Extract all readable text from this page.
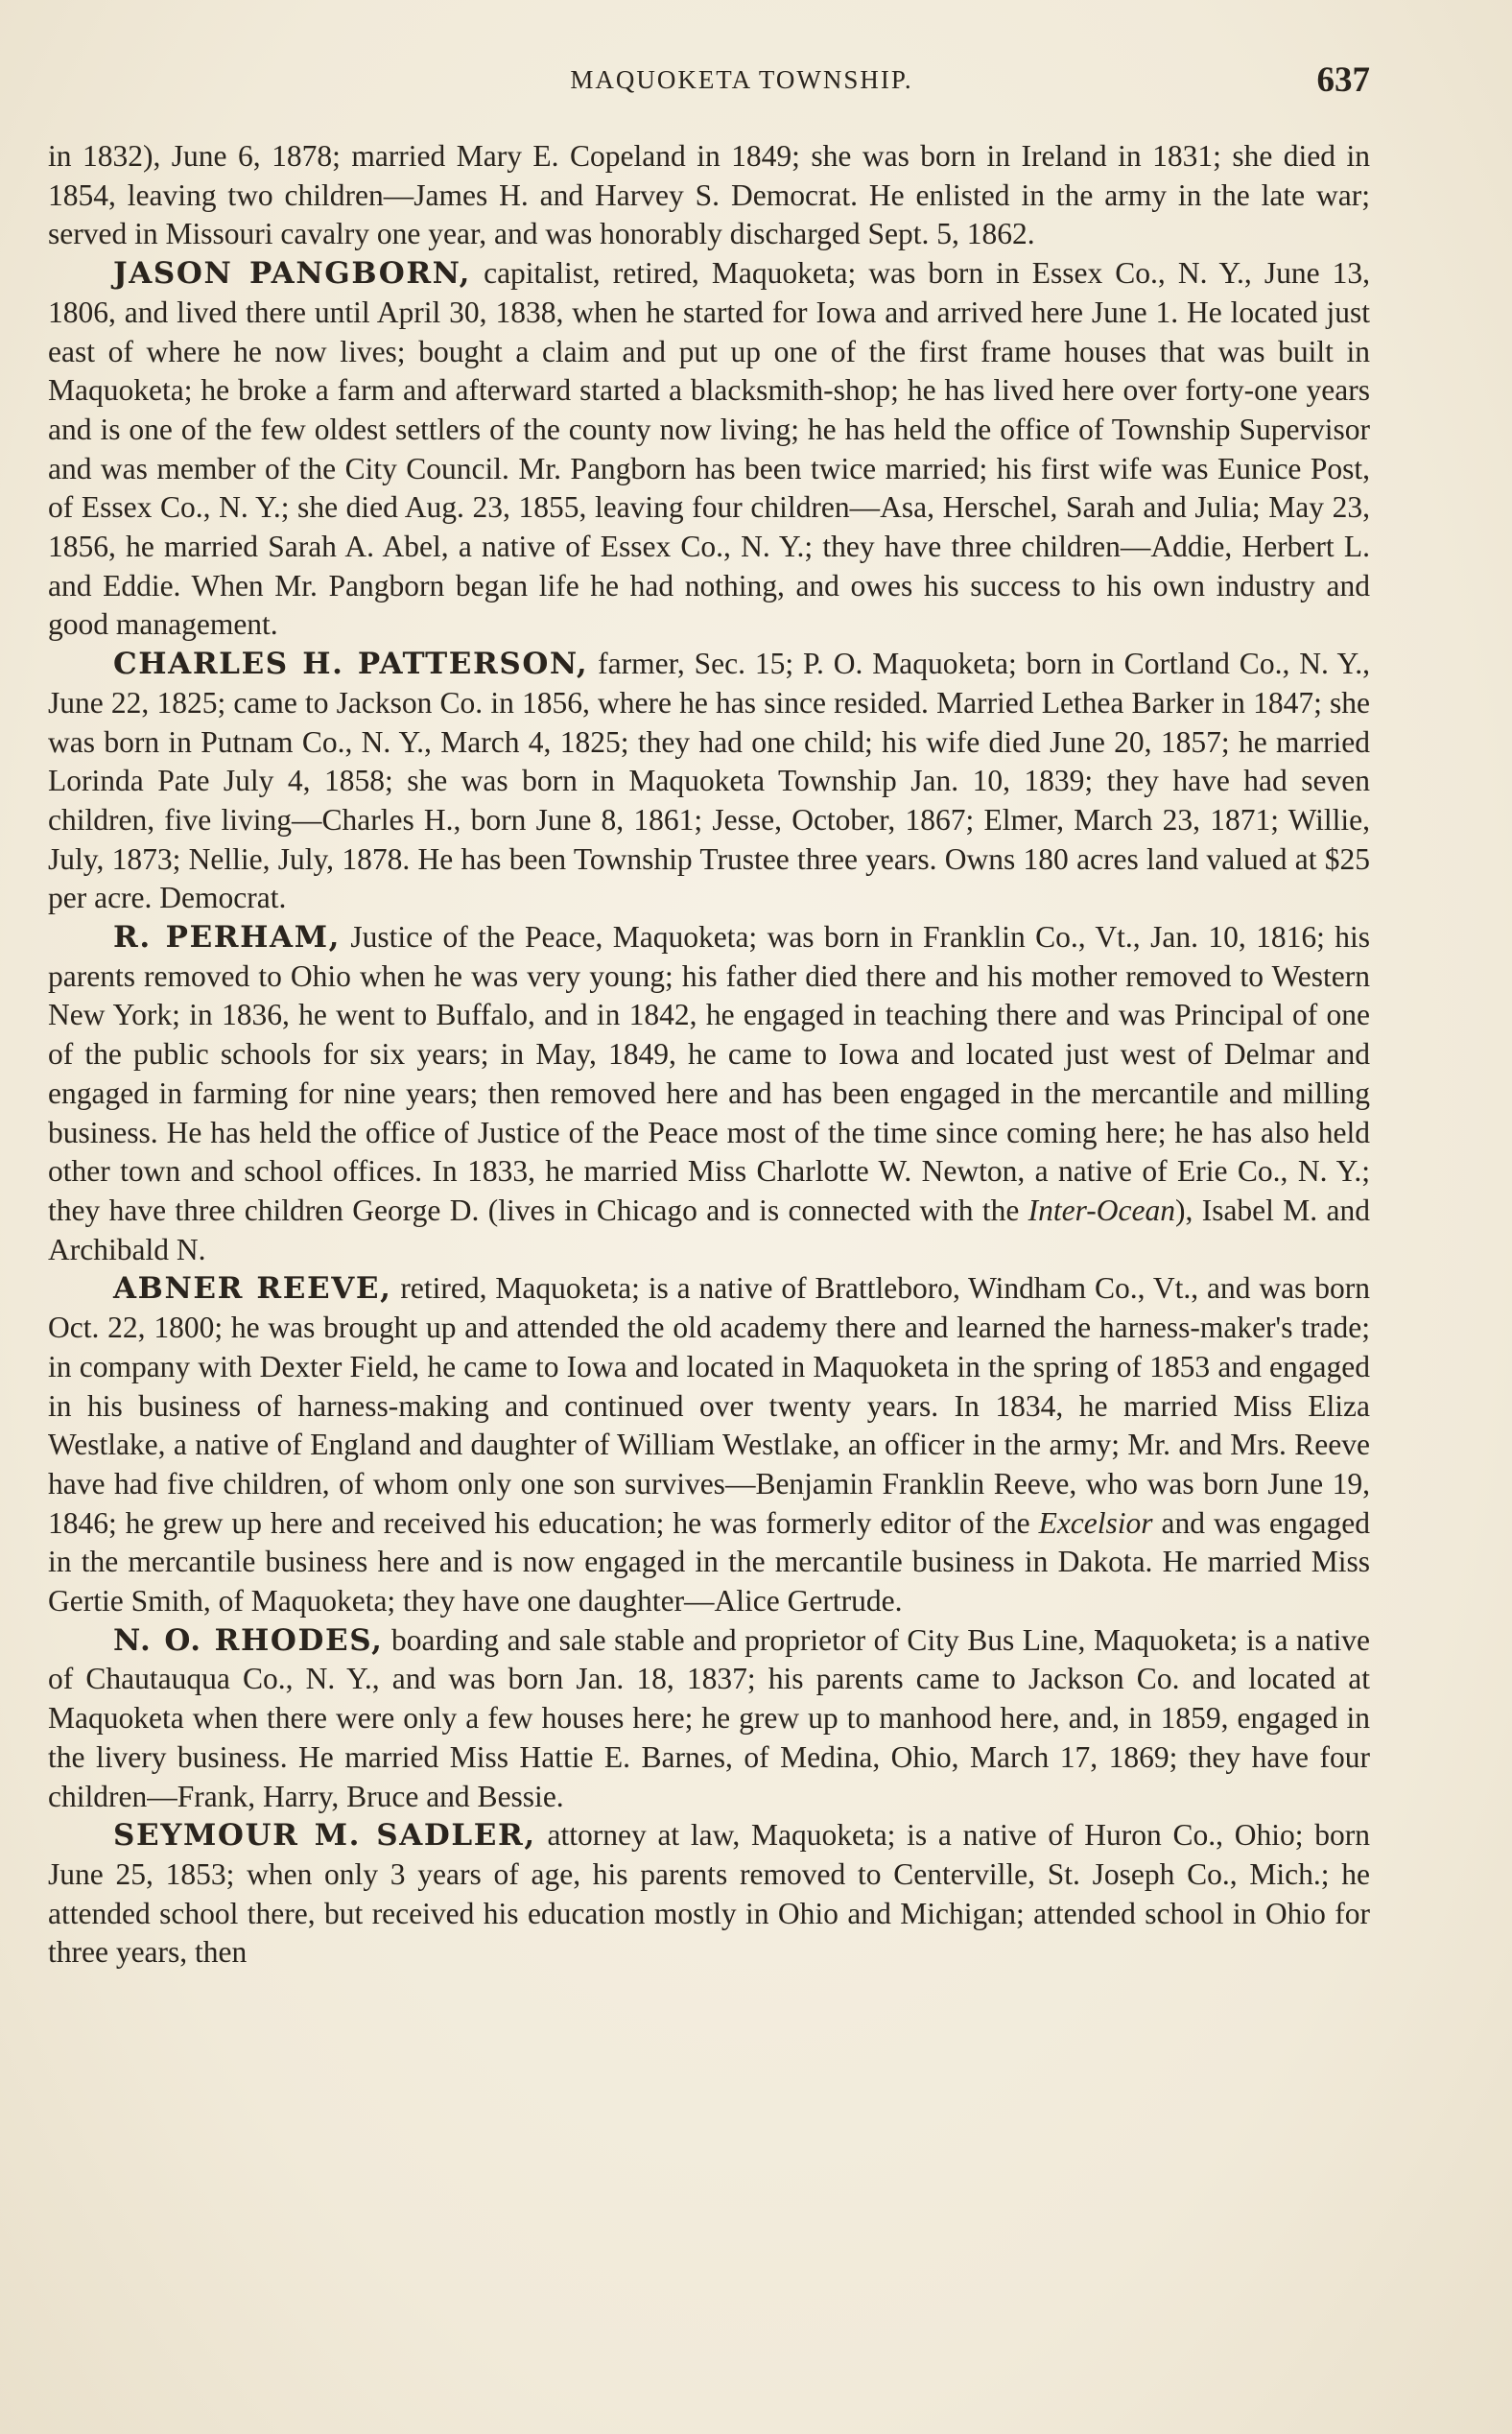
MAQUOKETA TOWNSHIP.	637

in 1832), June 6, 1878; married Mary E. Copeland in 1849; she was born in Ireland in 1831; she died in 1854, leaving two children—James H. and Harvey S. Democrat. He enlisted in the army in the late war; served in Missouri cavalry one year, and was honorably discharged Sept. 5, 1862.

JASON PANGBORN, capitalist, retired, Maquoketa; was born in Essex Co., N. Y., June 13, 1806, and lived there until April 30, 1838, when he started for Iowa and arrived here June 1. He located just east of where he now lives; bought a claim and put up one of the first frame houses that was built in Maquoketa; he broke a farm and afterward started a blacksmith-shop; he has lived here over forty-one years and is one of the few oldest settlers of the county now living; he has held the office of Township Supervisor and was member of the City Council. Mr. Pangborn has been twice married; his first wife was Eunice Post, of Essex Co., N. Y.; she died Aug. 23, 1855, leaving four children—Asa, Herschel, Sarah and Julia; May 23, 1856, he married Sarah A. Abel, a native of Essex Co., N. Y.; they have three children—Addie, Herbert L. and Eddie. When Mr. Pangborn began life he had nothing, and owes his success to his own industry and good management.

CHARLES H. PATTERSON, farmer, Sec. 15; P. O. Maquoketa; born in Cortland Co., N. Y., June 22, 1825; came to Jackson Co. in 1856, where he has since resided. Married Lethea Barker in 1847; she was born in Putnam Co., N. Y., March 4, 1825; they had one child; his wife died June 20, 1857; he married Lorinda Pate July 4, 1858; she was born in Maquoketa Township Jan. 10, 1839; they have had seven children, five living—Charles H., born June 8, 1861; Jesse, October, 1867; Elmer, March 23, 1871; Willie, July, 1873; Nellie, July, 1878. He has been Township Trustee three years. Owns 180 acres land valued at $25 per acre. Democrat.

R. PERHAM, Justice of the Peace, Maquoketa; was born in Franklin Co., Vt., Jan. 10, 1816; his parents removed to Ohio when he was very young; his father died there and his mother removed to Western New York; in 1836, he went to Buffalo, and in 1842, he engaged in teaching there and was Principal of one of the public schools for six years; in May, 1849, he came to Iowa and located just west of Delmar and engaged in farming for nine years; then removed here and has been engaged in the mercantile and milling business. He has held the office of Justice of the Peace most of the time since coming here; he has also held other town and school offices. In 1833, he married Miss Charlotte W. Newton, a native of Erie Co., N. Y.; they have three children George D. (lives in Chicago and is connected with the Inter-Ocean), Isabel M. and Archibald N.

ABNER REEVE, retired, Maquoketa; is a native of Brattleboro, Windham Co., Vt., and was born Oct. 22, 1800; he was brought up and attended the old academy there and learned the harness-maker's trade; in company with Dexter Field, he came to Iowa and located in Maquoketa in the spring of 1853 and engaged in his business of harness-making and continued over twenty years. In 1834, he married Miss Eliza Westlake, a native of England and daughter of William Westlake, an officer in the army; Mr. and Mrs. Reeve have had five children, of whom only one son survives—Benjamin Franklin Reeve, who was born June 19, 1846; he grew up here and received his education; he was formerly editor of the Excelsior and was engaged in the mercantile business here and is now engaged in the mercantile business in Dakota. He married Miss Gertie Smith, of Maquoketa; they have one daughter—Alice Gertrude.

N. O. RHODES, boarding and sale stable and proprietor of City Bus Line, Maquoketa; is a native of Chautauqua Co., N. Y., and was born Jan. 18, 1837; his parents came to Jackson Co. and located at Maquoketa when there were only a few houses here; he grew up to manhood here, and, in 1859, engaged in the livery business. He married Miss Hattie E. Barnes, of Medina, Ohio, March 17, 1869; they have four children—Frank, Harry, Bruce and Bessie.

SEYMOUR M. SADLER, attorney at law, Maquoketa; is a native of Huron Co., Ohio; born June 25, 1853; when only 3 years of age, his parents removed to Centerville, St. Joseph Co., Mich.; he attended school there, but received his education mostly in Ohio and Michigan; attended school in Ohio for three years, then
